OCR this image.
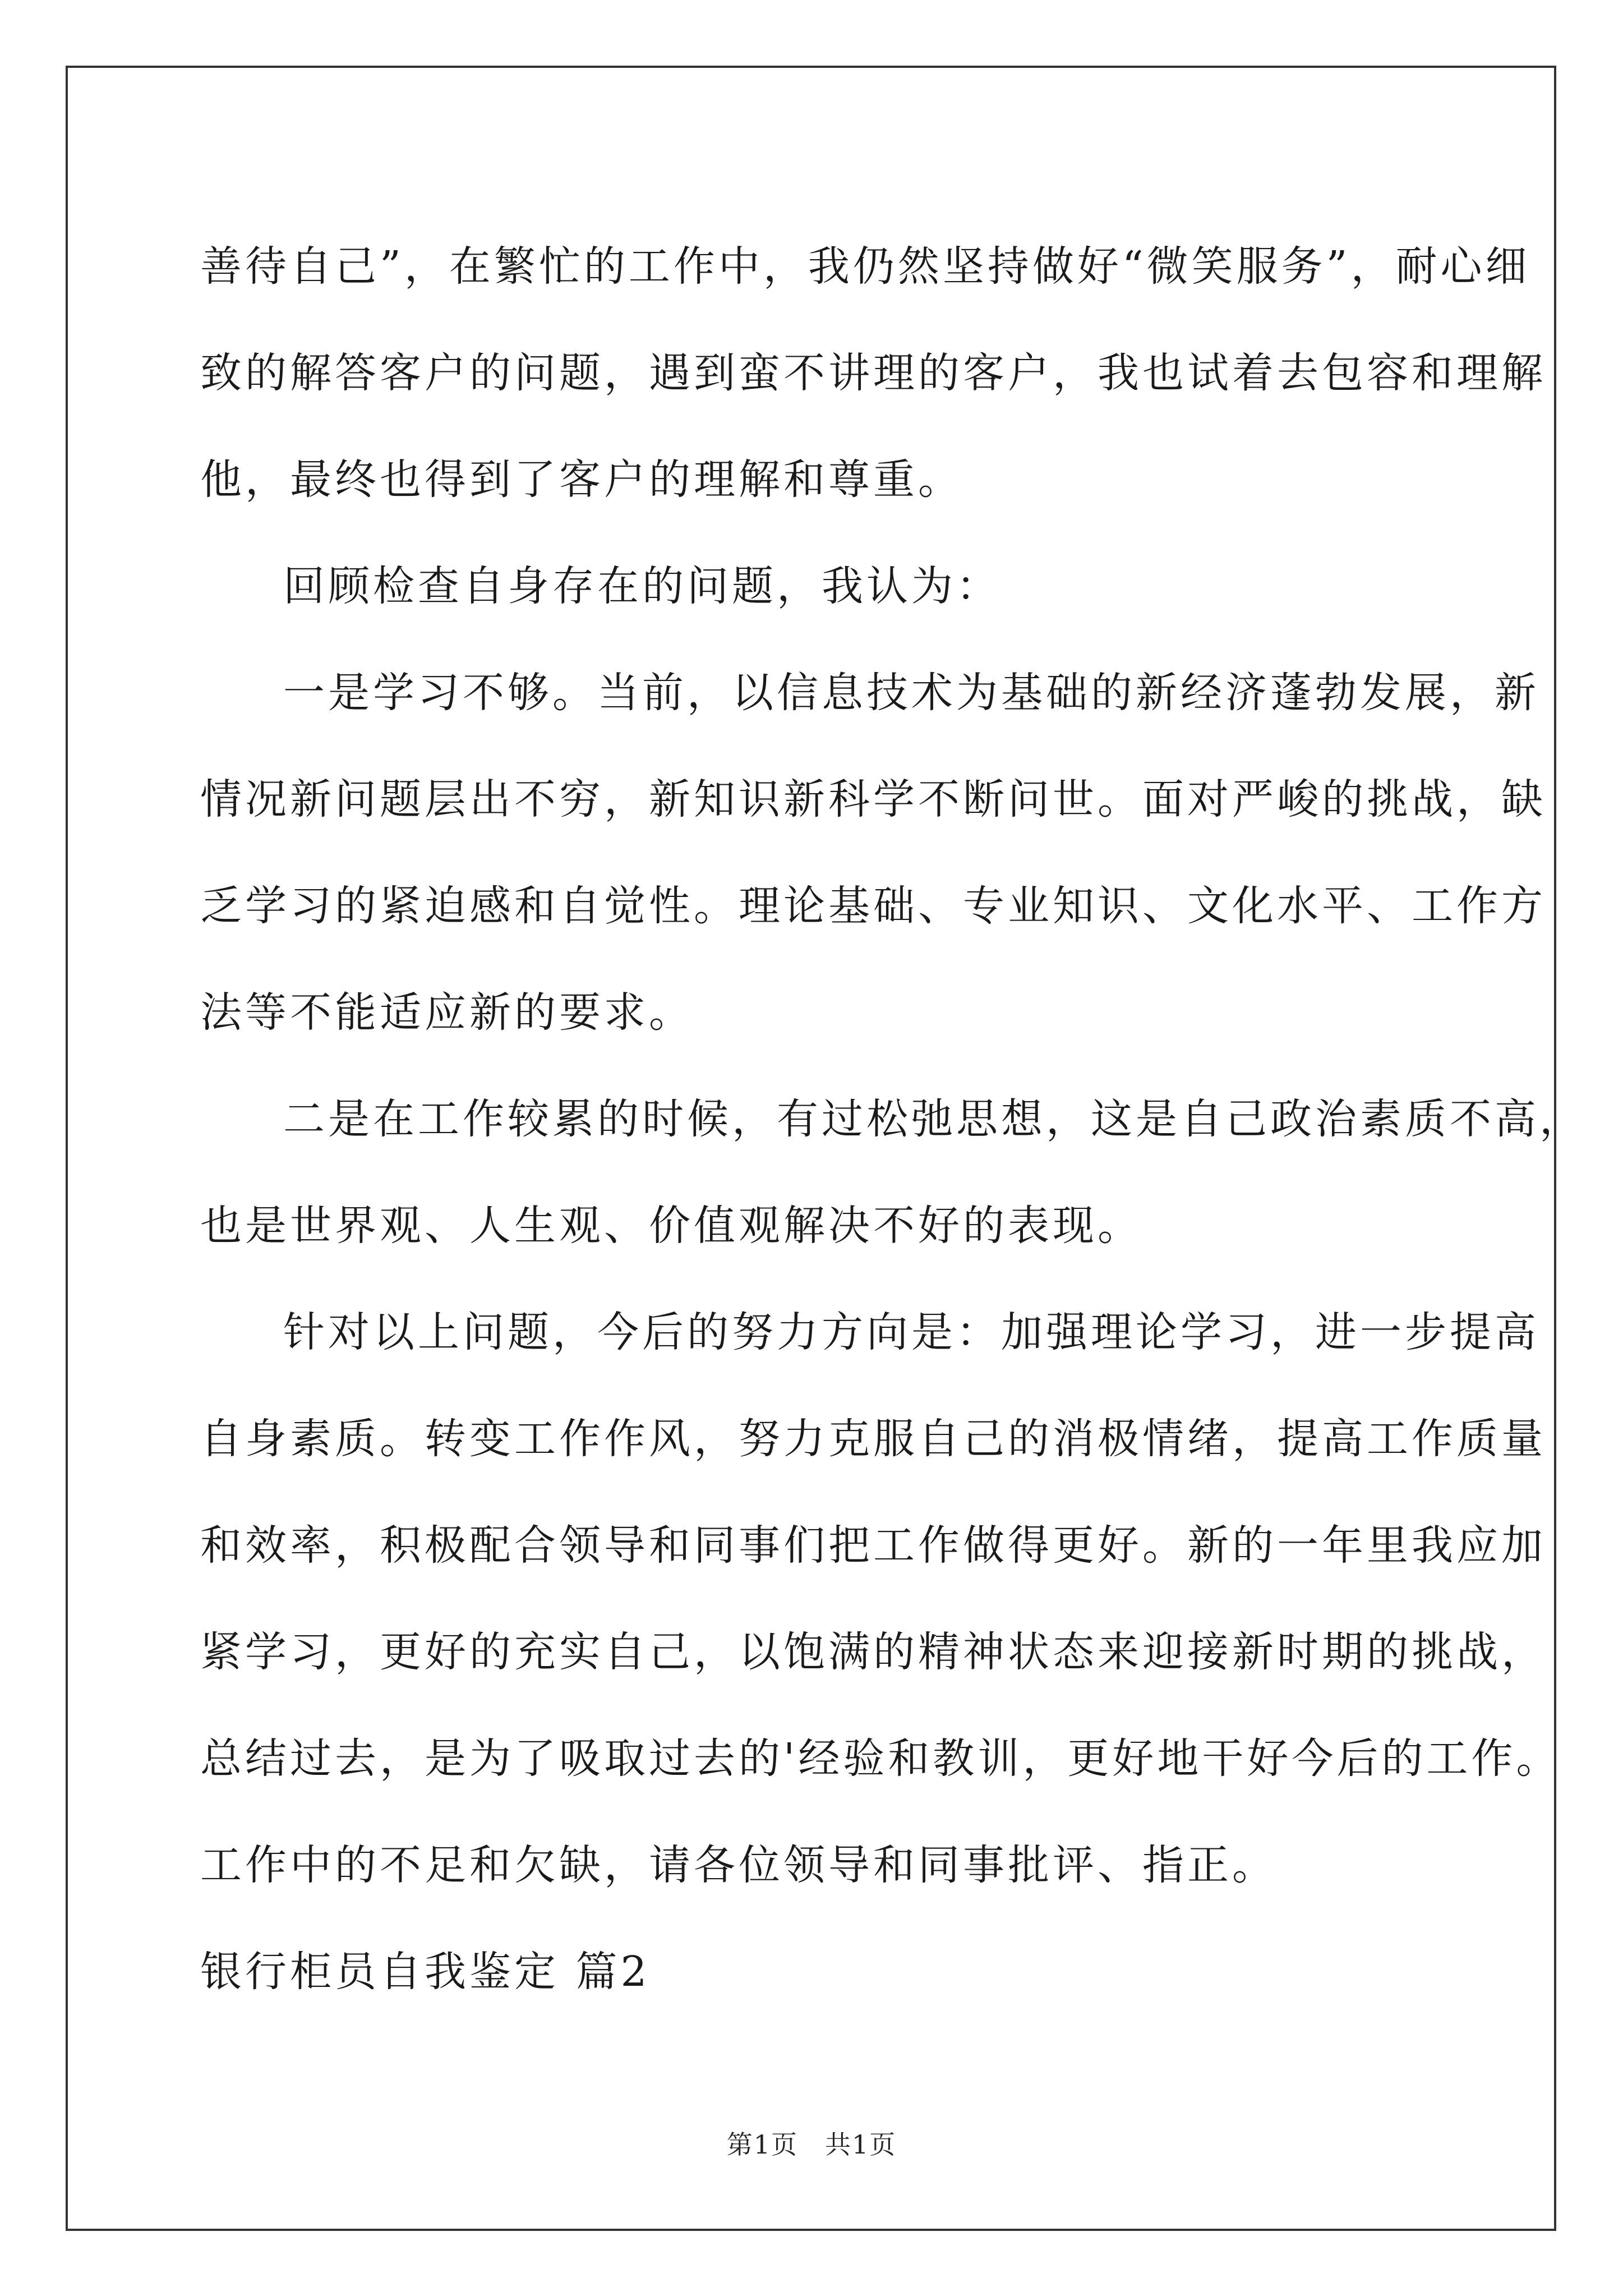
善待自己”，在繁忙的工作中，我仍然坚持做好“微笑服务”，耐心细
致的解答客户的问题，遇到蛮不讲理的客户，我也试着去包容和理解
他，最终也得到了客户的理解和尊重。
回顾检查自身存在的问题，我认为：
一是学习不够。当前，以信息技术为基础的新经济蓬勃发展，新
情况新问题层出不穷，新知识新科学不断问世。面对严峻的挑战，缺
乏学习的紧迫感和自觉性。理论基础、专业知识、文化水平、工作方
法等不能适应新的要求。
二是在工作较累的时候，有过松弛思想，这是自己政治素质不高，
也是世界观、人生观、价值观解决不好的表现。
针对以上问题，今后的努力方向是：加强理论学习，进一步提高
自身素质。转变工作作风，努力克服自己的消极情绪，提高工作质量
和效率，积极配合领导和同事们把工作做得更好。新的一年里我应加
紧学习，更好的充实自己，以饱满的精神状态来迎接新时期的挑战，
总结过去，是为了吸取过去的'经验和教训，更好地干好今后的工作。
工作中的不足和欠缺，请各位领导和同事批评、指正。
银行柜员自我鉴定 篇2
第1页　共1页
